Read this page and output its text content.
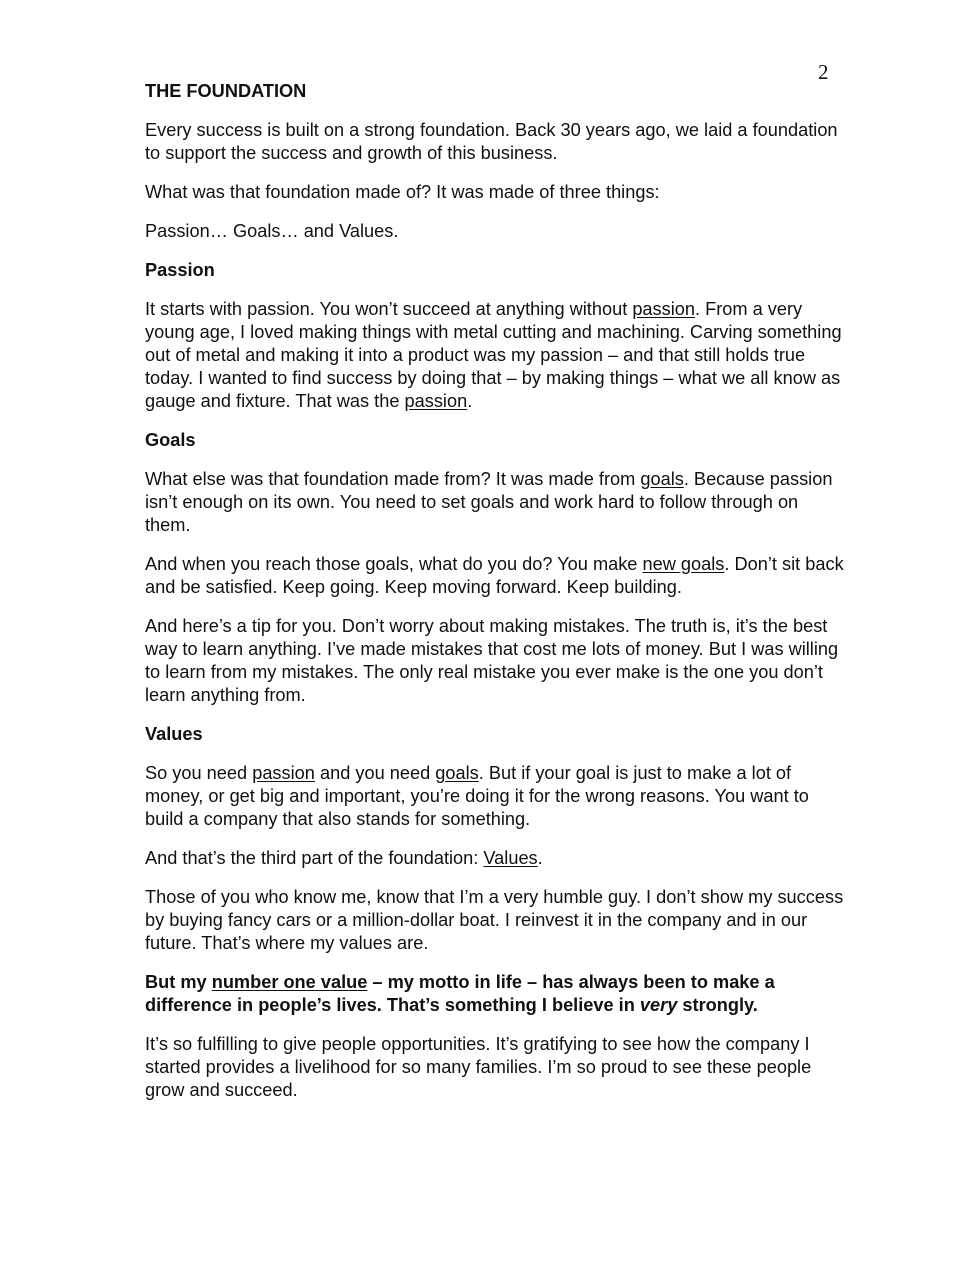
2
THE FOUNDATION

Every success is built on a strong foundation. Back 30 years ago, we laid a foundation to support the success and growth of this business.

What was that foundation made of? It was made of three things:

Passion… Goals… and Values.

Passion

It starts with passion. You won’t succeed at anything without passion. From a very young age, I loved making things with metal cutting and machining. Carving something out of metal and making it into a product was my passion – and that still holds true today. I wanted to find success by doing that – by making things – what we all know as gauge and fixture. That was the passion.

Goals

What else was that foundation made from? It was made from goals. Because passion isn’t enough on its own. You need to set goals and work hard to follow through on them.

And when you reach those goals, what do you do? You make new goals. Don’t sit back and be satisfied. Keep going. Keep moving forward. Keep building.

And here’s a tip for you. Don’t worry about making mistakes. The truth is, it’s the best way to learn anything. I’ve made mistakes that cost me lots of money. But I was willing to learn from my mistakes. The only real mistake you ever make is the one you don’t learn anything from.

Values

So you need passion and you need goals. But if your goal is just to make a lot of money, or get big and important, you’re doing it for the wrong reasons. You want to build a company that also stands for something.

And that’s the third part of the foundation: Values.

Those of you who know me, know that I’m a very humble guy. I don’t show my success by buying fancy cars or a million-dollar boat. I reinvest it in the company and in our future. That’s where my values are.

But my number one value – my motto in life – has always been to make a difference in people’s lives. That’s something I believe in very strongly.

It’s so fulfilling to give people opportunities. It’s gratifying to see how the company I started provides a livelihood for so many families. I’m so proud to see these people grow and succeed.
